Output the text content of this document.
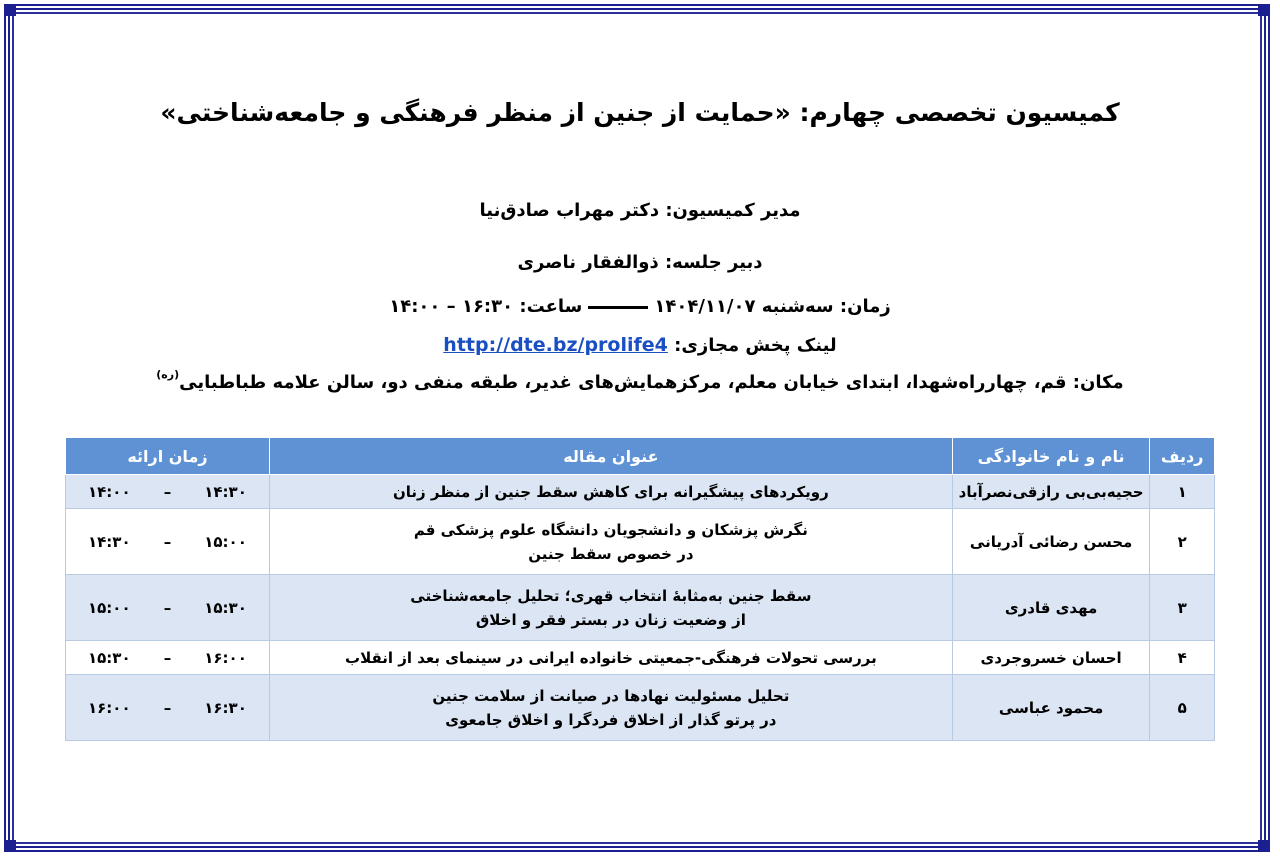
کمیسیون تخصصی چهارم: «حمایت از جنین از منظر فرهنگی و جامعه‌شناختی»
مدیر کمیسیون: دکتر مهراب صادق‌نیا
دبیر جلسه: ذوالفقار ناصری
زمان: سه‌شنبه ۱۴۰۴/۱۱/۰۷ساعت: ۱۶:۳۰ – ۱۴:۰۰
لینک پخش مجازی: http://dte.bz/prolife4
مکان: قم، چهارراه‌شهدا، ابتدای خیابان معلم، مرکزهمایش‌های غدیر، طبقه منفی دو، سالن علامه طباطبایی$^{(ره)}$
ردیف	نام و نام خانوادگی	عنوان مقاله	زمان ارائه
۱	حجیه‌بی‌بی رازقی‌نصرآباد	رویکردهای پیشگیرانه برای کاهش سقط جنین از منظر زنان	۱۴:۰۰ – ۱۴:۳۰

۲	محسن رضائی آدریانی	نگرش پزشکان و دانشجویان دانشگاه علوم پزشکی قم
در خصوص سقط جنین	۱۴:۳۰ – ۱۵:۰۰

۳	مهدی قادری	سقط جنین به‌مثابهٔ انتخاب قهری؛ تحلیل جامعه‌شناختی
از وضعیت زنان در بستر فقر و اخلاق	۱۵:۰۰ – ۱۵:۳۰

۴	احسان خسروجردی	بررسی تحولات فرهنگی-جمعیتی خانواده ایرانی در سینمای بعد از انقلاب	۱۵:۳۰ – ۱۶:۰۰

۵	محمود عباسی	تحلیل مسئولیت نهادها در صیانت از سلامت جنین
در پرتو گذار از اخلاق فردگرا و اخلاق جامعوی	۱۶:۰۰ – ۱۶:۳۰
